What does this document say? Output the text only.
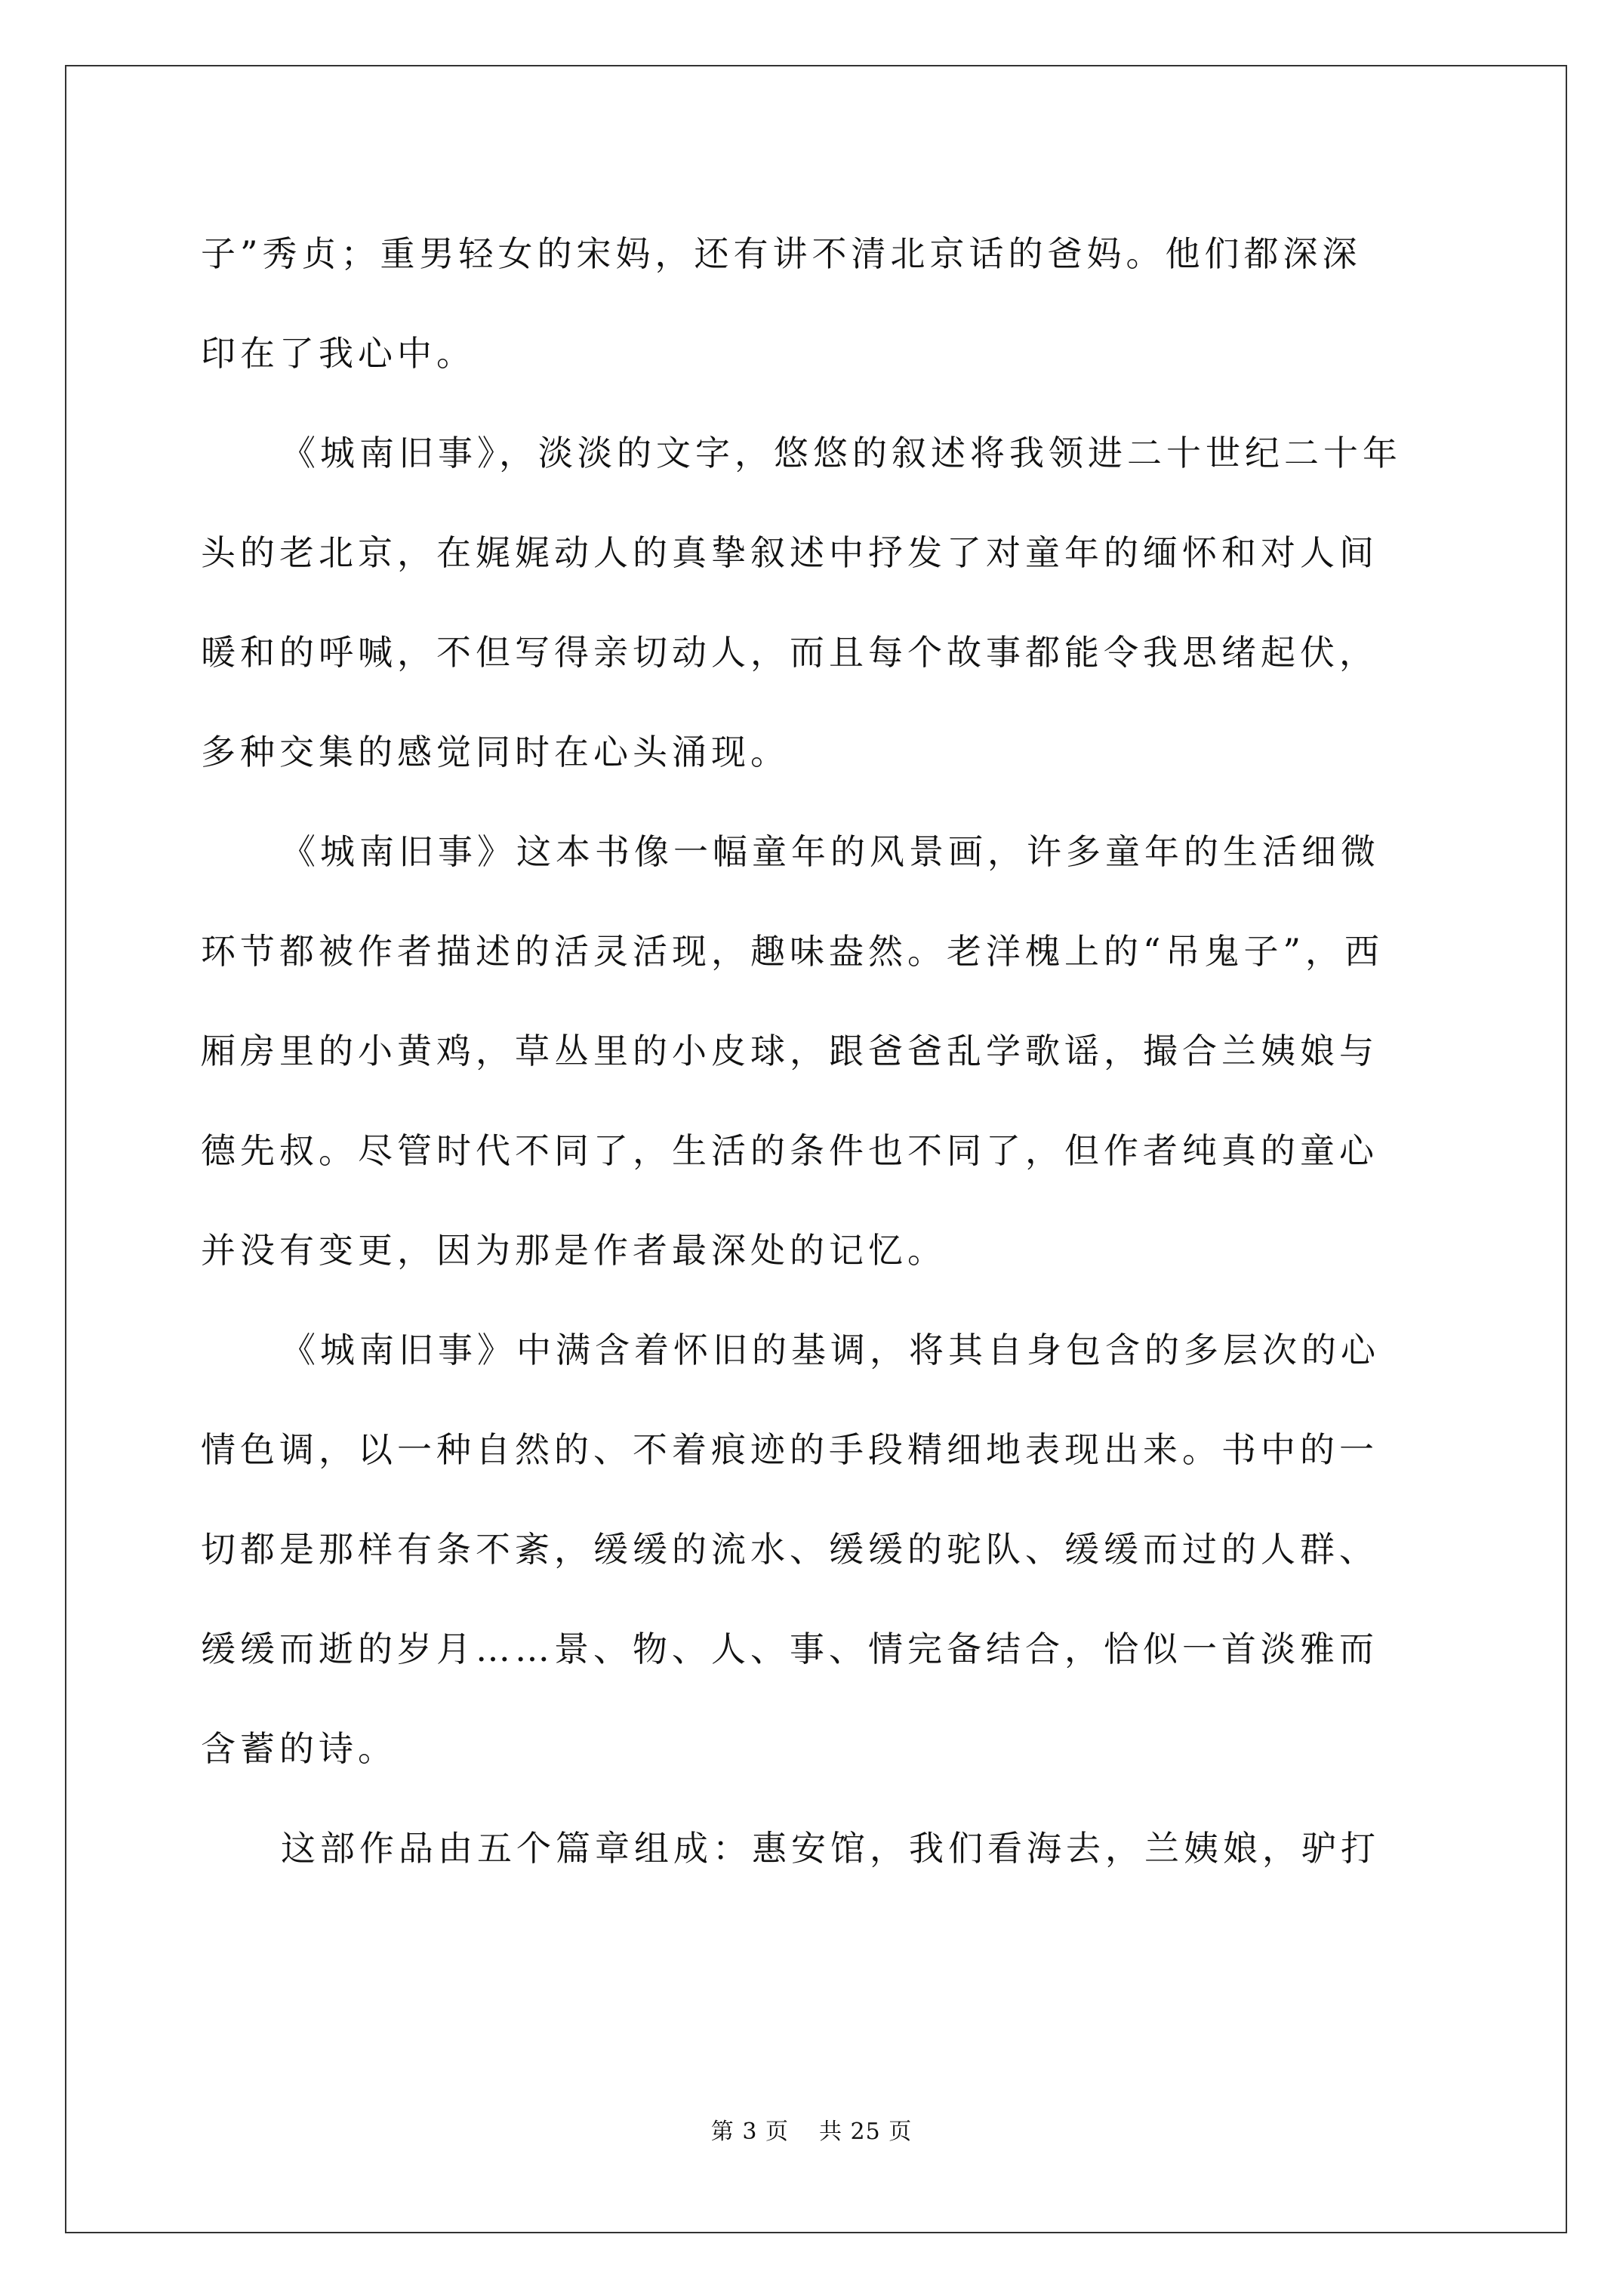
子”秀贞；重男轻女的宋妈，还有讲不清北京话的爸妈。他们都深深
印在了我心中。
《城南旧事》，淡淡的文字，悠悠的叙述将我领进二十世纪二十年
头的老北京，在娓娓动人的真挚叙述中抒发了对童年的缅怀和对人间
暖和的呼喊，不但写得亲切动人，而且每个故事都能令我思绪起伏，
多种交集的感觉同时在心头涌现。
《城南旧事》这本书像一幅童年的风景画，许多童年的生活细微
环节都被作者描述的活灵活现，趣味盎然。老洋槐上的“吊鬼子”，西
厢房里的小黄鸡，草丛里的小皮球，跟爸爸乱学歌谣，撮合兰姨娘与
德先叔。尽管时代不同了，生活的条件也不同了，但作者纯真的童心
并没有变更，因为那是作者最深处的记忆。
《城南旧事》中满含着怀旧的基调，将其自身包含的多层次的心
情色调，以一种自然的、不着痕迹的手段精细地表现出来。书中的一
切都是那样有条不紊，缓缓的流水、缓缓的驼队、缓缓而过的人群、
缓缓而逝的岁月……景、物、人、事、情完备结合，恰似一首淡雅而
含蓄的诗。
这部作品由五个篇章组成：惠安馆，我们看海去，兰姨娘，驴打
第 3 页 共 25 页
